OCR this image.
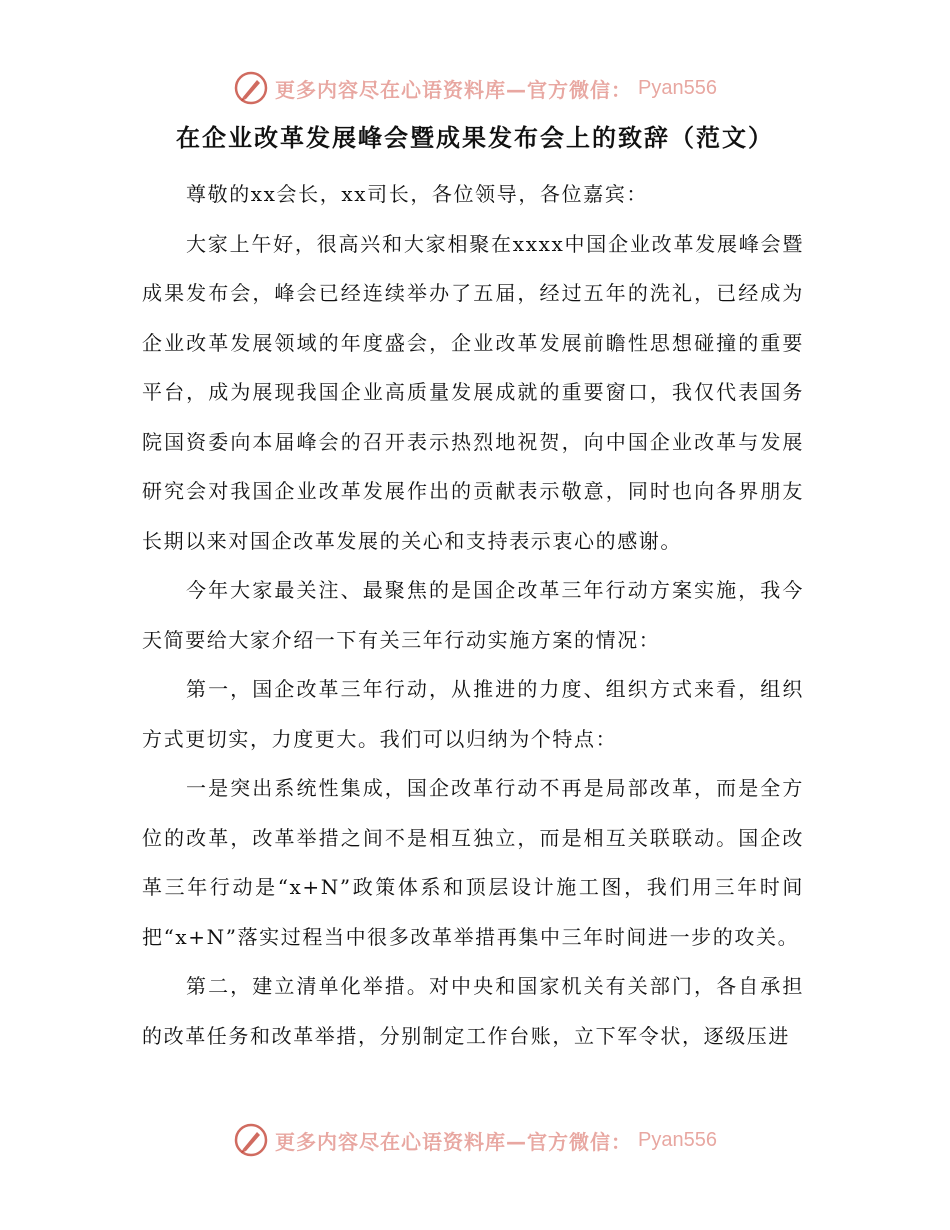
更多内容尽在心语资料库—官方微信： Pyan556
在企业改革发展峰会暨成果发布会上的致辞（范文）

尊敬的xx会长，xx司长，各位领导，各位嘉宾：

大家上午好，很高兴和大家相聚在xxxx中国企业改革发展峰会暨成果发布会，峰会已经连续举办了五届，经过五年的洗礼，已经成为企业改革发展领域的年度盛会，企业改革发展前瞻性思想碰撞的重要平台，成为展现我国企业高质量发展成就的重要窗口，我仅代表国务院国资委向本届峰会的召开表示热烈地祝贺，向中国企业改革与发展研究会对我国企业改革发展作出的贡献表示敬意，同时也向各界朋友长期以来对国企改革发展的关心和支持表示衷心的感谢。

今年大家最关注、最聚焦的是国企改革三年行动方案实施，我今天简要给大家介绍一下有关三年行动实施方案的情况：

第一，国企改革三年行动，从推进的力度、组织方式来看，组织方式更切实，力度更大。我们可以归纳为个特点：

一是突出系统性集成，国企改革行动不再是局部改革，而是全方位的改革，改革举措之间不是相互独立，而是相互关联联动。国企改革三年行动是“x+N”政策体系和顶层设计施工图，我们用三年时间把“x+N”落实过程当中很多改革举措再集中三年时间进一步的攻关。

第二，建立清单化举措。对中央和国家机关有关部门，各自承担的改革任务和改革举措，分别制定工作台账，立下军令状，逐级压进

更多内容尽在心语资料库—官方微信： Pyan556
